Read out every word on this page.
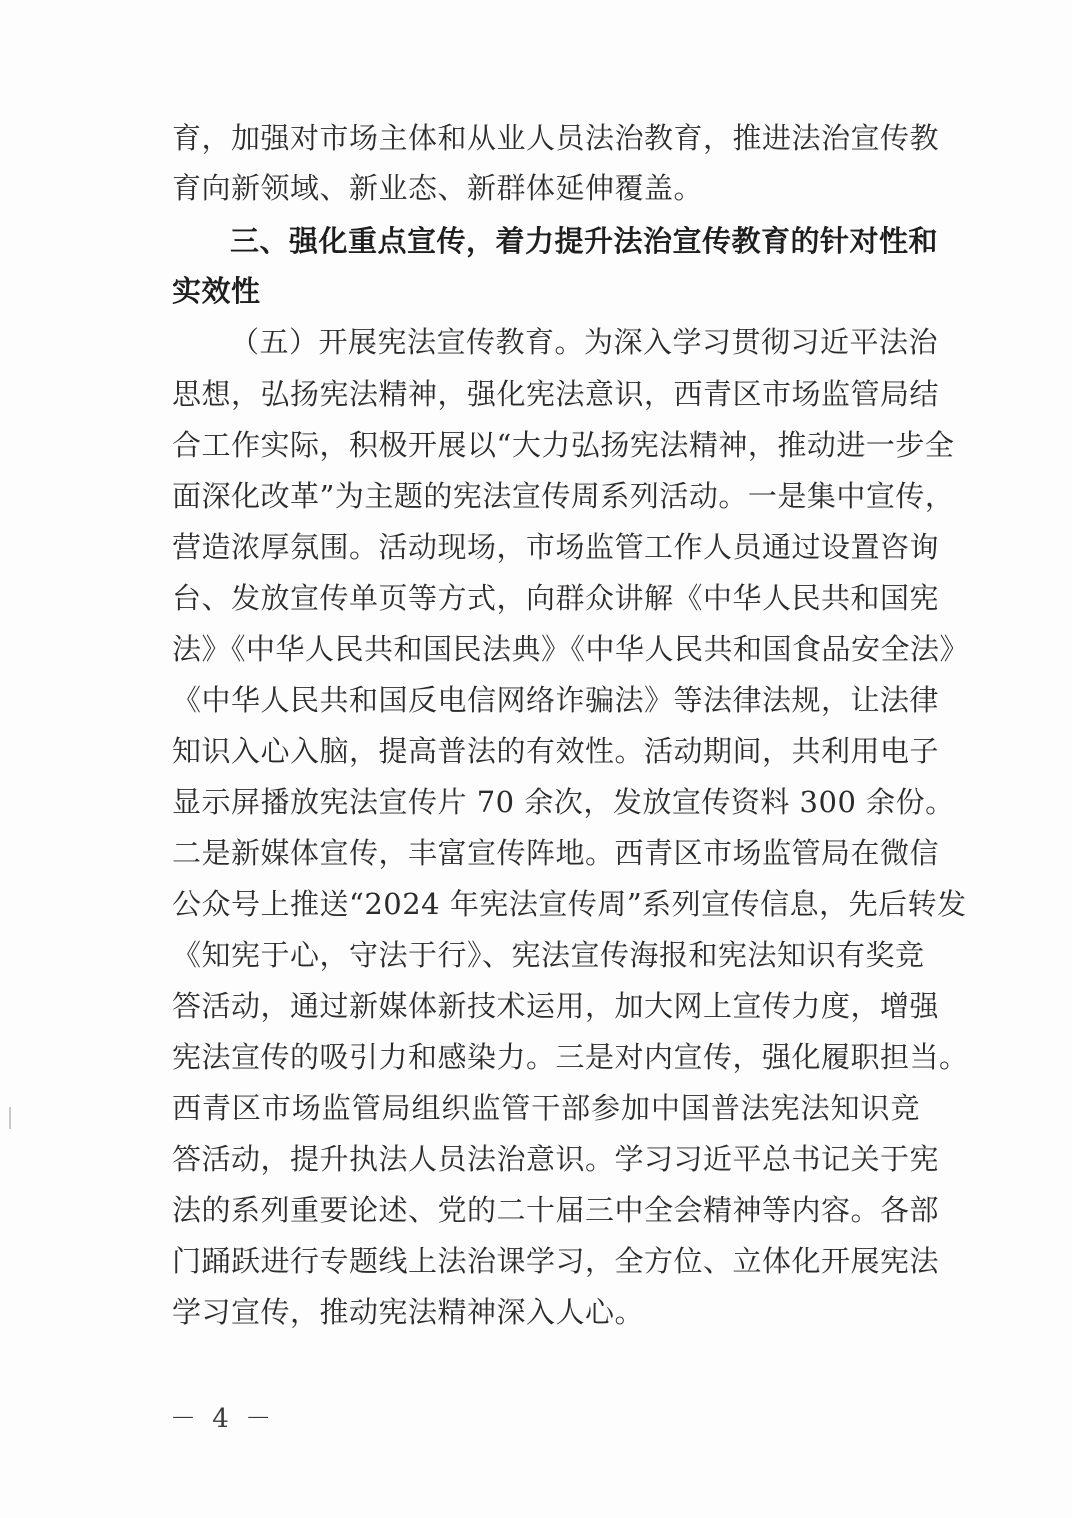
育，加强对市场主体和从业人员法治教育，推进法治宣传教
育向新领域、新业态、新群体延伸覆盖。
三、强化重点宣传，着力提升法治宣传教育的针对性和
实效性
（五）开展宪法宣传教育。为深入学习贯彻习近平法治
思想，弘扬宪法精神，强化宪法意识，西青区市场监管局结
合工作实际，积极开展以“大力弘扬宪法精神，推动进一步全
面深化改革”为主题的宪法宣传周系列活动。一是集中宣传，
营造浓厚氛围。活动现场，市场监管工作人员通过设置咨询
台、发放宣传单页等方式，向群众讲解《中华人民共和国宪
法》《中华人民共和国民法典》《中华人民共和国食品安全法》
《中华人民共和国反电信网络诈骗法》等法律法规，让法律
知识入心入脑，提高普法的有效性。活动期间，共利用电子
显示屏播放宪法宣传片 70 余次，发放宣传资料 300 余份。
二是新媒体宣传，丰富宣传阵地。西青区市场监管局在微信
公众号上推送“2024 年宪法宣传周”系列宣传信息，先后转发
《知宪于心，守法于行》、宪法宣传海报和宪法知识有奖竞
答活动，通过新媒体新技术运用，加大网上宣传力度，增强
宪法宣传的吸引力和感染力。三是对内宣传，强化履职担当。
西青区市场监管局组织监管干部参加中国普法宪法知识竞
答活动，提升执法人员法治意识。学习习近平总书记关于宪
法的系列重要论述、党的二十届三中全会精神等内容。各部
门踊跃进行专题线上法治课学习，全方位、立体化开展宪法
学习宣传，推动宪法精神深入人心。
－ 4 －
